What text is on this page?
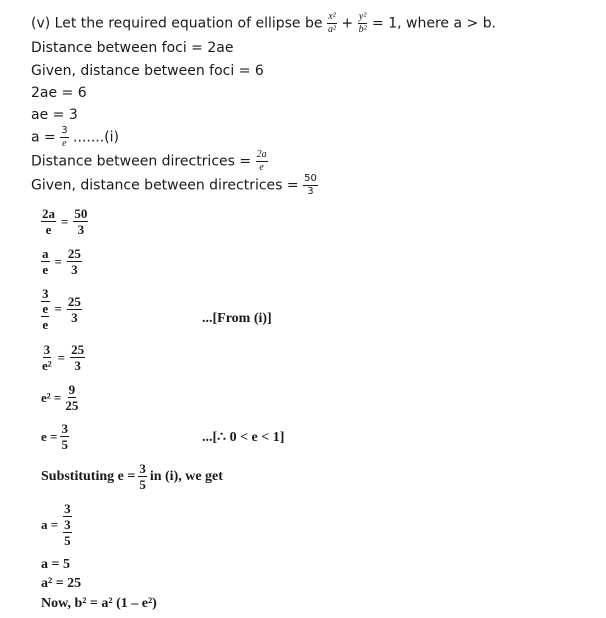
(v) Let the required equation of ellipse be $\frac{\text{x²}}{\text{a²}} + \frac{\text{y²}}{\text{b²}} = 1$, where a > b.
Distance between foci = 2ae
Given, distance between foci = 6
2ae = 6
ae = 3
$a = \frac{3}{e} .......(i)$
Distance between directrices = $\frac{2a}{e}$
Given, distance between directrices = $\frac{50}{3}$
$\frac{2a}{e} = \frac{50}{3}$
$\frac{a}{e} = \frac{25}{3}$
3
e
e
= $\frac{25}{3}$	...[From (i)]
$\frac{3}{\text{e²}} = \frac{25}{3}$
$e^2 = \frac{9}{25}$
$e = \frac{3}{5}$	...[∴ 0 < e < 1]
Substituting $e = \frac{3}{5}$ in (i), we get
$a = \frac{3}{\frac{3}{5}}$
a = 5
a² = 25
Now, b² = a² (1 – e²)
